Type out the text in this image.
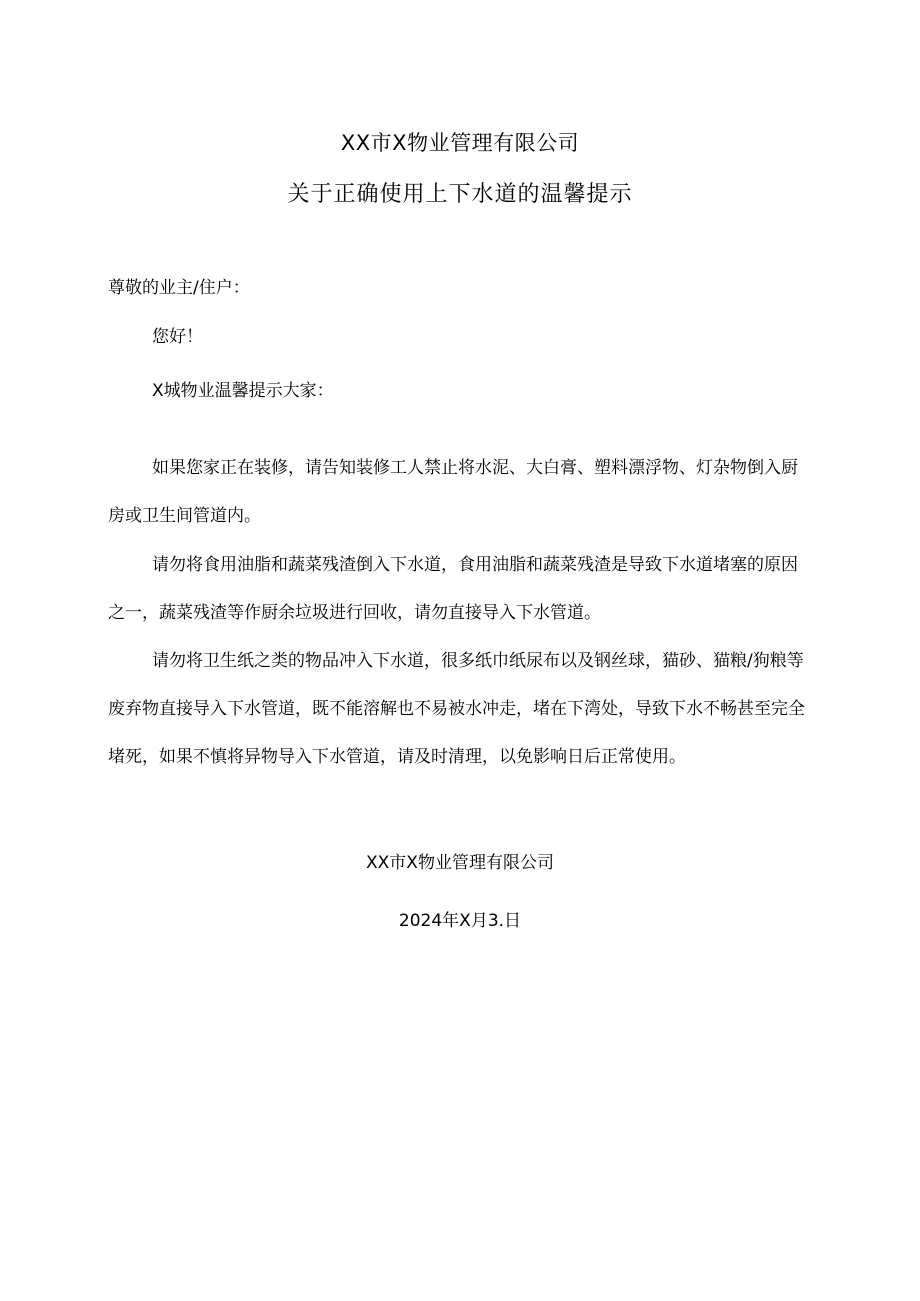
XX市X物业管理有限公司
关于正确使用上下水道的温馨提示

尊敬的业主/住户：

您好！

X城物业温馨提示大家：

如果您家正在装修，请告知装修工人禁止将水泥、大白膏、塑料漂浮物、灯杂物倒入厨房或卫生间管道内。

请勿将食用油脂和蔬菜残渣倒入下水道，食用油脂和蔬菜残渣是导致下水道堵塞的原因之一，蔬菜残渣等作厨余垃圾进行回收，请勿直接导入下水管道。

请勿将卫生纸之类的物品冲入下水道，很多纸巾纸尿布以及钢丝球，猫砂、猫粮/狗粮等废弃物直接导入下水管道，既不能溶解也不易被水冲走，堵在下湾处，导致下水不畅甚至完全堵死，如果不慎将异物导入下水管道，请及时清理，以免影响日后正常使用。

XX市X物业管理有限公司
2024年X月3.日
